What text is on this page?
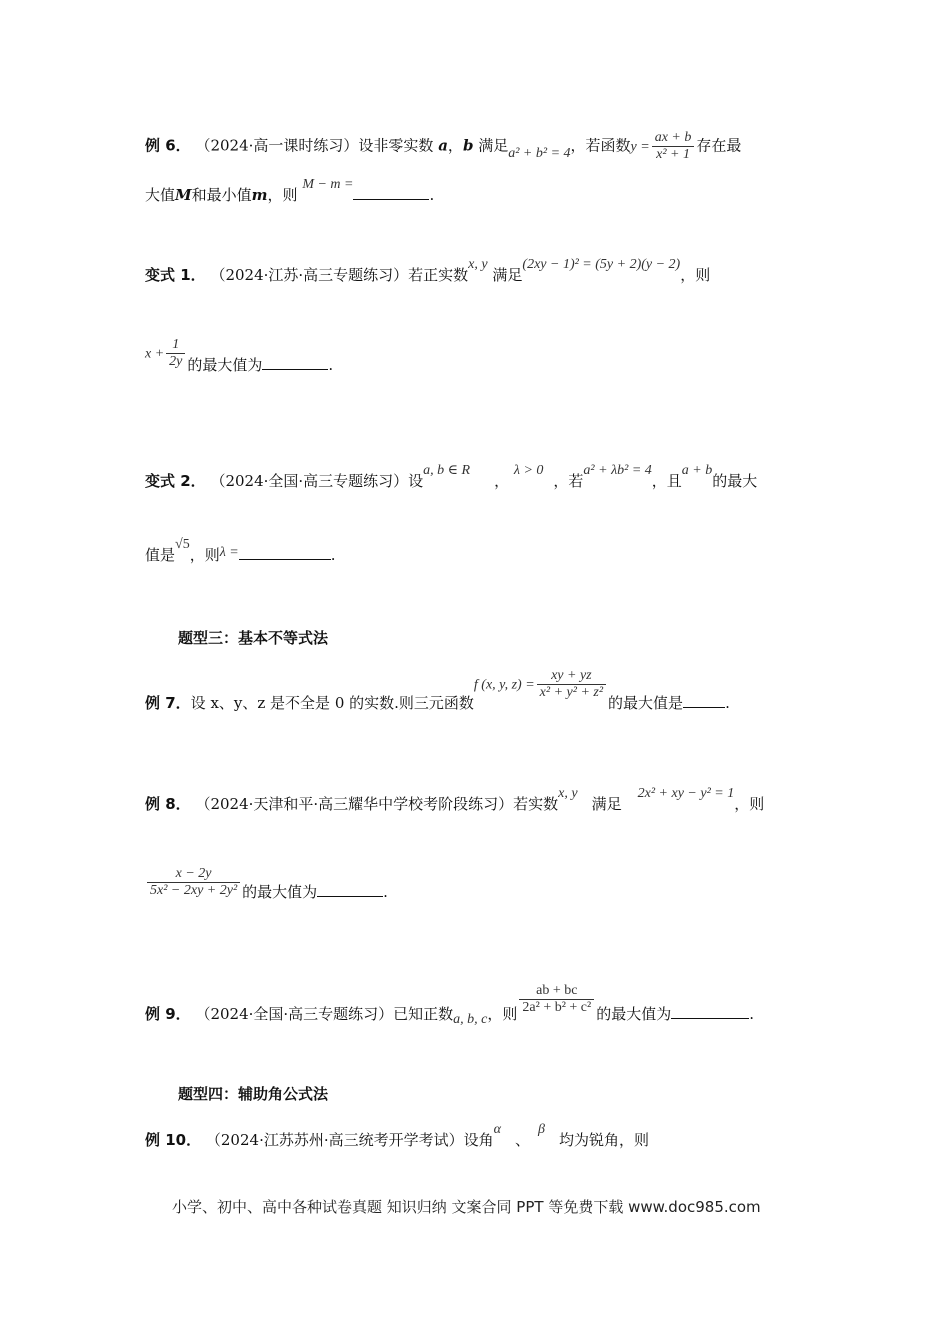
例 6． （2024·高一课时练习）设非零实数 a，b 满足a² + b² = 4，若函数$y = \frac{ax + b}{\text{x² + 1}}$ 存在最
大值M和最小值m，则 M − m =.
变式 1． （2024·江苏·高三专题练习）若正实数x, y 满足(2xy − 1)² = (5y + 2)(y − 2)，则
$x + \frac{1}{2y}$ 的最大值为	.
变式 2． （2024·全国·高三专题练习）设a, b ∈ R， λ > 0，若a² + λb² = 4，且a + b的最大
值是√5，则λ =	.
题型三：基本不等式法
例 7．设 x、y、z 是不全是 0 的实数.则三元函数f (x, y, $z) = \frac{xy + yz}{\text{x² + y² + z²}}$
的最大值是	.
例 8． （2024·天津和平·高三耀华中学校考阶段练习）若实数x, y满足2x² + xy − y² = 1，则
$\frac{x - 2y}{\text{5x² − 2xy + 2y²}}$ 的最大值为	.
例 9． （2024·全国·高三专题练习）已知正数a, b, c，则 $\frac{ab + bc}{\text{2a² + b² + c²}}$ 的最大值为	.
题型四：辅助角公式法
例 10． （2024·江苏苏州·高三统考开学考试）设角α、β均为锐角，则
小学、初中、高中各种试卷真题 知识归纳 文案合同 PPT 等免费下载 www.doc985.com
